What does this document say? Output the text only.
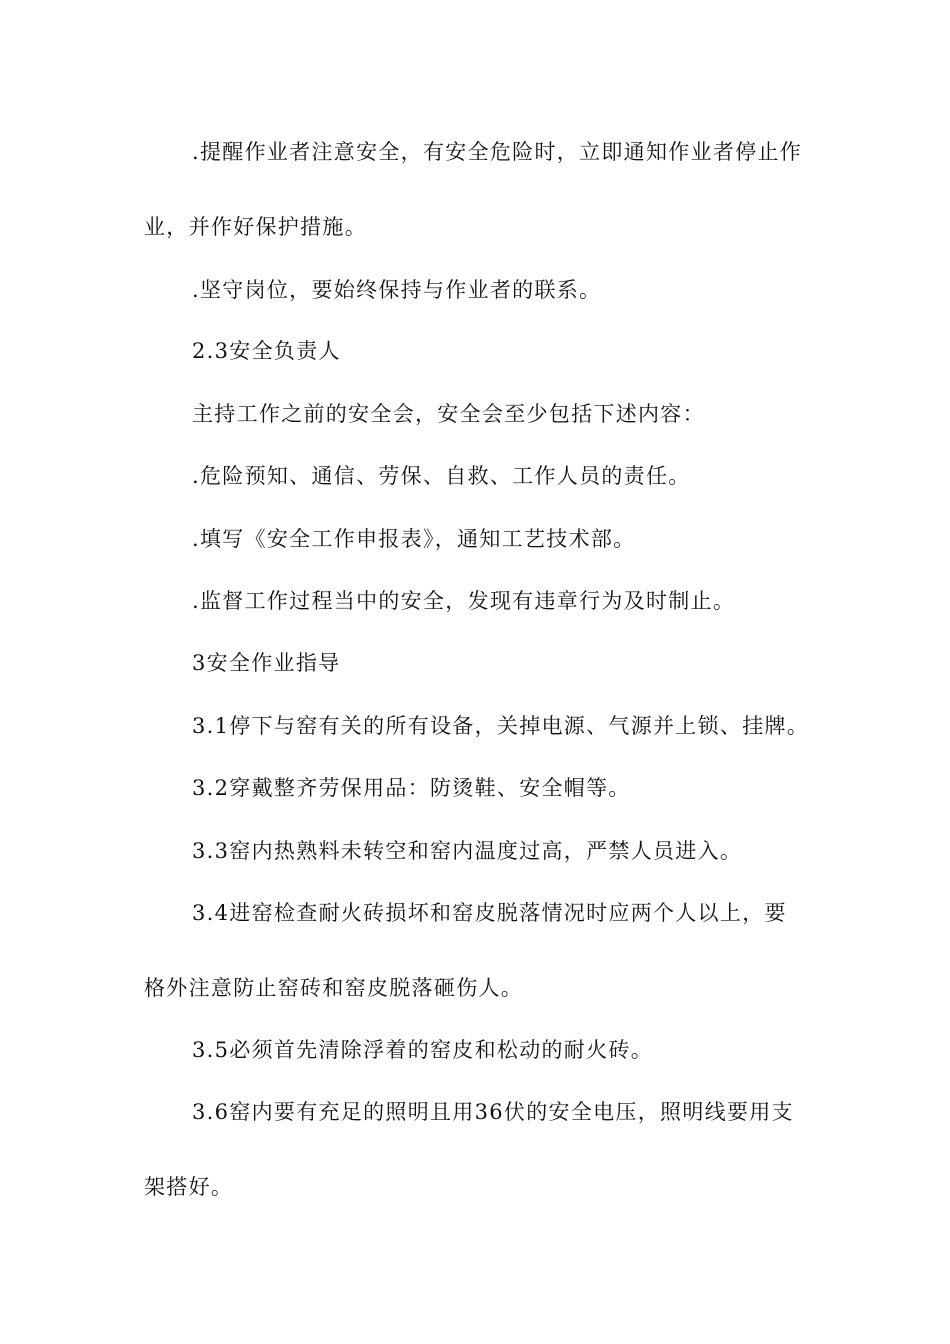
.提醒作业者注意安全，有安全危险时，立即通知作业者停止作
业，并作好保护措施。
.坚守岗位，要始终保持与作业者的联系。
2.3安全负责人
主持工作之前的安全会，安全会至少包括下述内容：
.危险预知、通信、劳保、自救、工作人员的责任。
.填写《安全工作申报表》，通知工艺技术部。
.监督工作过程当中的安全，发现有违章行为及时制止。
3安全作业指导
3.1停下与窑有关的所有设备，关掉电源、气源并上锁、挂牌。
3.2穿戴整齐劳保用品：防烫鞋、安全帽等。
3.3窑内热熟料未转空和窑内温度过高，严禁人员进入。
3.4进窑检查耐火砖损坏和窑皮脱落情况时应两个人以上，要
格外注意防止窑砖和窑皮脱落砸伤人。
3.5必须首先清除浮着的窑皮和松动的耐火砖。
3.6窑内要有充足的照明且用36伏的安全电压，照明线要用支
架搭好。
